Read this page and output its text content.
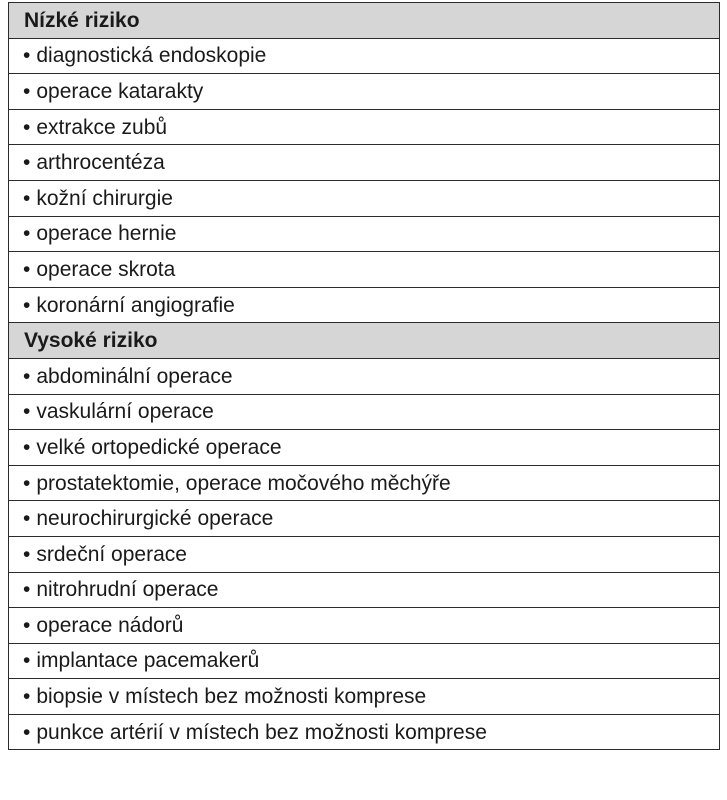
Nízké riziko
• diagnostická endoskopie
• operace katarakty
• extrakce zubů
• arthrocentéza
• kožní chirurgie
• operace hernie
• operace skrota
• koronární angiografie
Vysoké riziko
• abdominální operace
• vaskulární operace
• velké ortopedické operace
• prostatektomie, operace močového měchýře
• neurochirurgické operace
• srdeční operace
• nitrohrudní operace
• operace nádorů
• implantace pacemakerů
• biopsie v místech bez možnosti komprese
• punkce artérií v místech bez možnosti komprese
